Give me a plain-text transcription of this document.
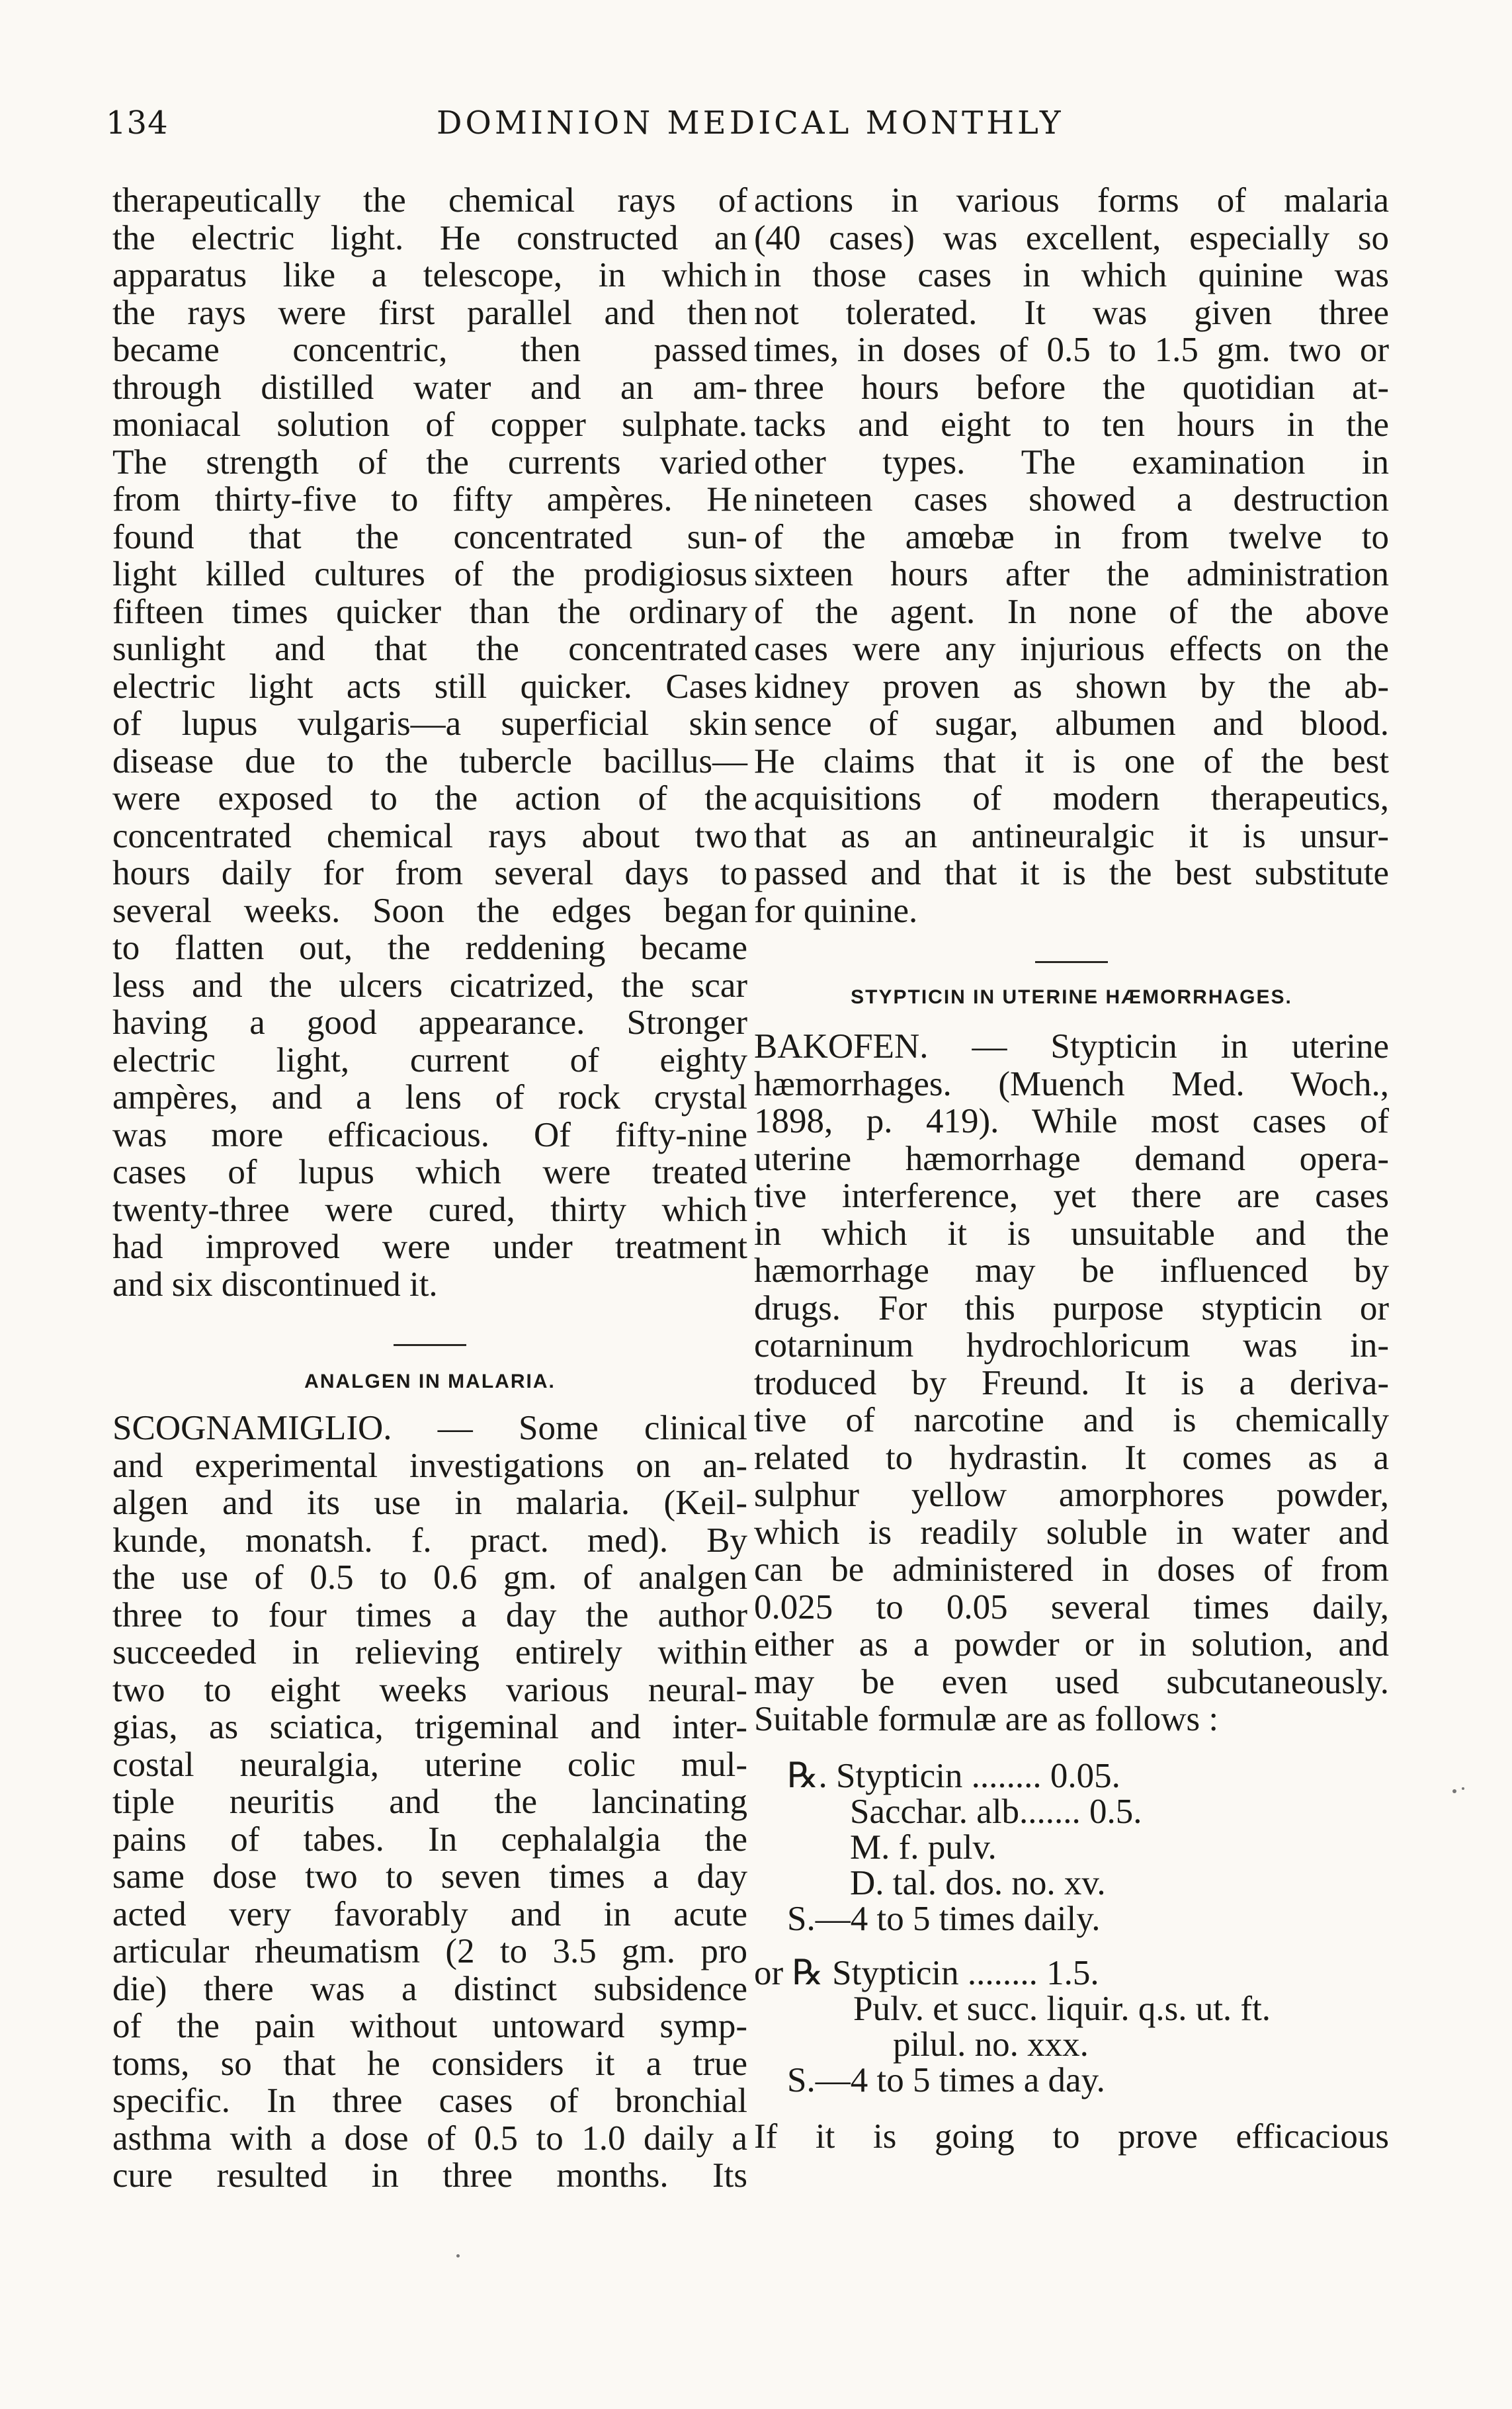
134	DOMINION MEDICAL MONTHLY
therapeutically the chemical rays of
the electric light. He constructed an
apparatus like a telescope, in which
the rays were first parallel and then
became concentric, then passed
through distilled water and an am-
moniacal solution of copper sulphate.
The strength of the currents varied
from thirty-five to fifty ampères. He
found that the concentrated sun-
light killed cultures of the prodigiosus
fifteen times quicker than the ordinary
sunlight and that the concentrated
electric light acts still quicker. Cases
of lupus vulgaris—a superficial skin
disease due to the tubercle bacillus—
were exposed to the action of the
concentrated chemical rays about two
hours daily for from several days to
several weeks. Soon the edges began
to flatten out, the reddening became
less and the ulcers cicatrized, the scar
having a good appearance. Stronger
electric light, current of eighty
ampères, and a lens of rock crystal
was more efficacious. Of fifty-nine
cases of lupus which were treated
twenty-three were cured, thirty which
had improved were under treatment
and six discontinued it.
ANALGEN IN MALARIA.
SCOGNAMIGLIO. — Some clinical
and experimental investigations on an-
algen and its use in malaria. (Keil-
kunde, monatsh. f. pract. med). By
the use of 0.5 to 0.6 gm. of analgen
three to four times a day the author
succeeded in relieving entirely within
two to eight weeks various neural-
gias, as sciatica, trigeminal and inter-
costal neuralgia, uterine colic mul-
tiple neuritis and the lancinating
pains of tabes. In cephalalgia the
same dose two to seven times a day
acted very favorably and in acute
articular rheumatism (2 to 3.5 gm. pro
die) there was a distinct subsidence
of the pain without untoward symp-
toms, so that he considers it a true
specific. In three cases of bronchial
asthma with a dose of 0.5 to 1.0 daily a
cure resulted in three months. Its
actions in various forms of malaria
(40 cases) was excellent, especially so
in those cases in which quinine was
not tolerated. It was given three
times, in doses of 0.5 to 1.5 gm. two or
three hours before the quotidian at-
tacks and eight to ten hours in the
other types. The examination in
nineteen cases showed a destruction
of the amœbæ in from twelve to
sixteen hours after the administration
of the agent. In none of the above
cases were any injurious effects on the
kidney proven as shown by the ab-
sence of sugar, albumen and blood.
He claims that it is one of the best
acquisitions of modern therapeutics,
that as an antineuralgic it is unsur-
passed and that it is the best substitute
for quinine.
STYPTICIN IN UTERINE HÆMORRHAGES.
BAKOFEN. — Stypticin in uterine
hæmorrhages. (Muench Med. Woch.,
1898, p. 419). While most cases of
uterine hæmorrhage demand opera-
tive interference, yet there are cases
in which it is unsuitable and the
hæmorrhage may be influenced by
drugs. For this purpose stypticin or
cotarninum hydrochloricum was in-
troduced by Freund. It is a deriva-
tive of narcotine and is chemically
related to hydrastin. It comes as a
sulphur yellow amorphores powder,
which is readily soluble in water and
can be administered in doses of from
0.025 to 0.05 several times daily,
either as a powder or in solution, and
may be even used subcutaneously.
Suitable formulæ are as follows :
℞. Stypticin ........ 0.05.
Sacchar. alb....... 0.5.
M. f. pulv.
D. tal. dos. no. xv.
S.—4 to 5 times daily.
or ℞ Stypticin ........ 1.5.
Pulv. et succ. liquir. q.s. ut. ft.
pilul. no. xxx.
S.—4 to 5 times a day.
If it is going to prove efficacious
